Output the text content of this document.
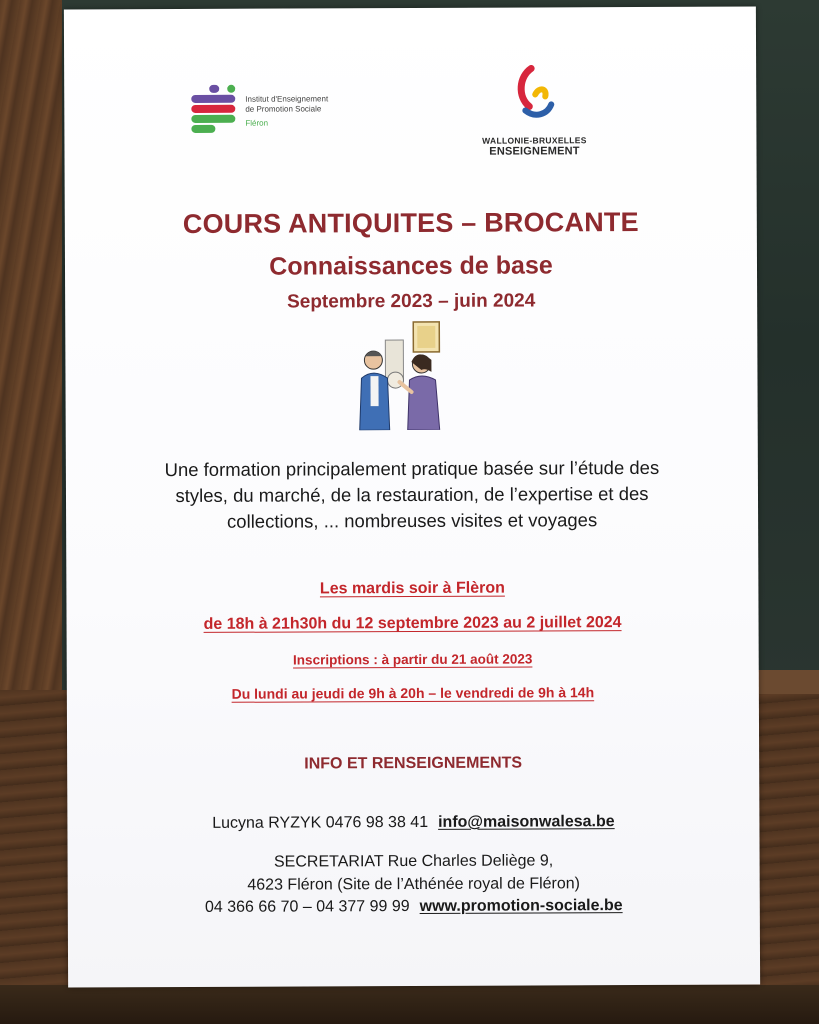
Institut d'Enseignement
de Promotion Sociale
Fléron
WALLONIE-BRUXELLES
ENSEIGNEMENT
COURS ANTIQUITES – BROCANTE
Connaissances de base
Septembre 2023 – juin 2024
Une formation principalement pratique basée sur l’étude des
styles, du marché, de la restauration, de l’expertise et des
collections, ... nombreuses visites et voyages
Les mardis soir à Flèron
de 18h à 21h30h du 12 septembre 2023 au 2 juillet 2024
Inscriptions : à partir du 21 août 2023
Du lundi au jeudi de 9h à 20h – le vendredi de 9h à 14h
INFO ET RENSEIGNEMENTS
Lucyna RYZYK 0476 98 38 41 info@maisonwalesa.be
SECRETARIAT Rue Charles Deliège 9,
4623 Fléron (Site de l’Athénée royal de Fléron)
04 366 66 70 – 04 377 99 99 www.promotion-sociale.be
